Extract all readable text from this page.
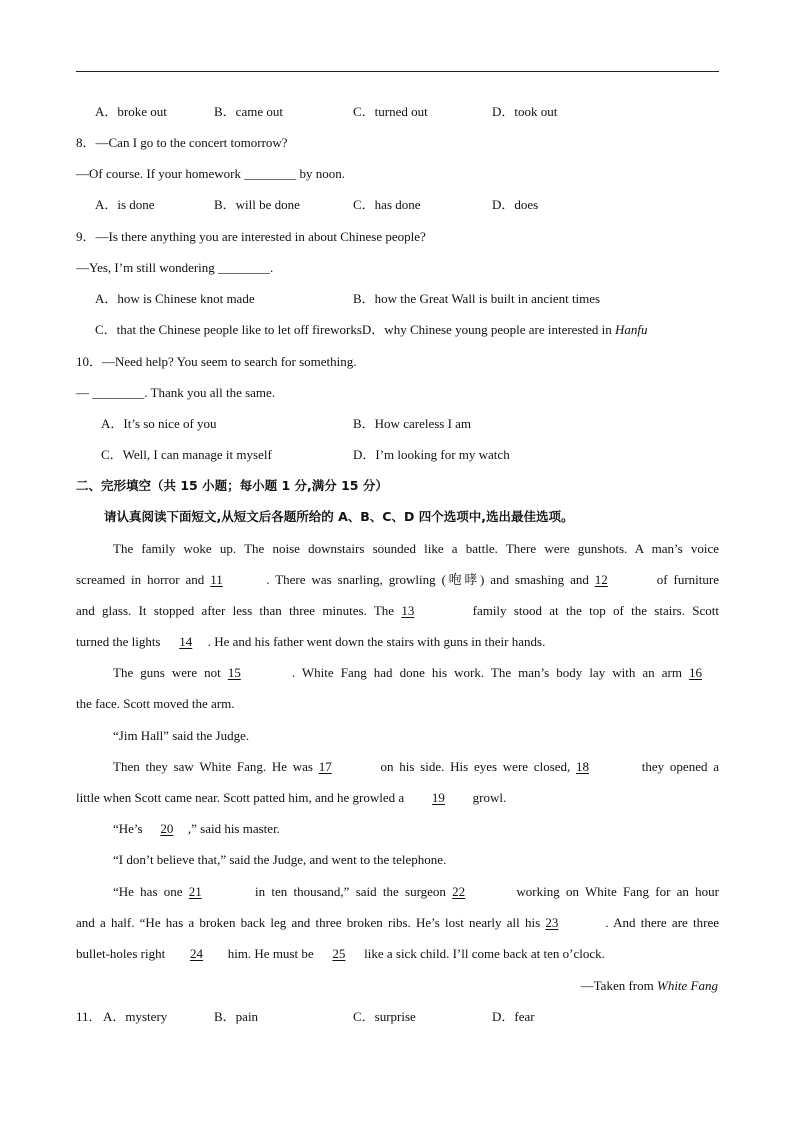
A．broke out	B．came out	C．turned out	D．took out
8．—Can I go to the concert tomorrow?
—Of course. If your homework ________ by noon.
A．is done	B．will be done	C．has done	D．does
9．—Is there anything you are interested in about Chinese people?
—Yes, I’m still wondering ________.
A．how is Chinese knot made	B．how the Great Wall is built in ancient times
C．that the Chinese people like to let off fireworksD．why Chinese young people are interested in Hanfu
10．—Need help? You seem to search for something.
— ________. Thank you all the same.
A．It’s so nice of you	B．How careless I am
C．Well, I can manage it myself	D．I’m looking for my watch
二、完形填空（共 15 小题；每小题 1 分,满分 15 分）
请认真阅读下面短文,从短文后各题所给的 A、B、C、D 四个选项中,选出最佳选项。
The family woke up. The noise downstairs sounded like a battle. There were gunshots. A man’s voice
screamed in horror and 11	. There was snarling, growling (咆哮) and smashing and 12	of furniture
and glass. It stopped after less than three minutes. The 13	family stood at the top of the stairs. Scott
turned the lights 14 . He and his father went down the stairs with guns in their hands.
The guns were not 15	. White Fang had done his work. The man’s body lay with an arm 16
the face. Scott moved the arm.
“Jim Hall” said the Judge.
Then they saw White Fang. He was 17	on his side. His eyes were closed, 18	they opened a
little when Scott came near. Scott patted him, and he growled a 19 growl.
“He’s 20 ,” said his master.
“I don’t believe that,” said the Judge, and went to the telephone.
“He has one 21	in ten thousand,” said the surgeon 22	working on White Fang for an hour
and a half. “He has a broken back leg and three broken ribs. He’s lost nearly all his 23	. And there are three
bullet-holes right 24 him. He must be 25 like a sick child. I’ll come back at ten o’clock.
—Taken from White Fang
11． A．mystery	B．pain	C．surprise	D．fear
